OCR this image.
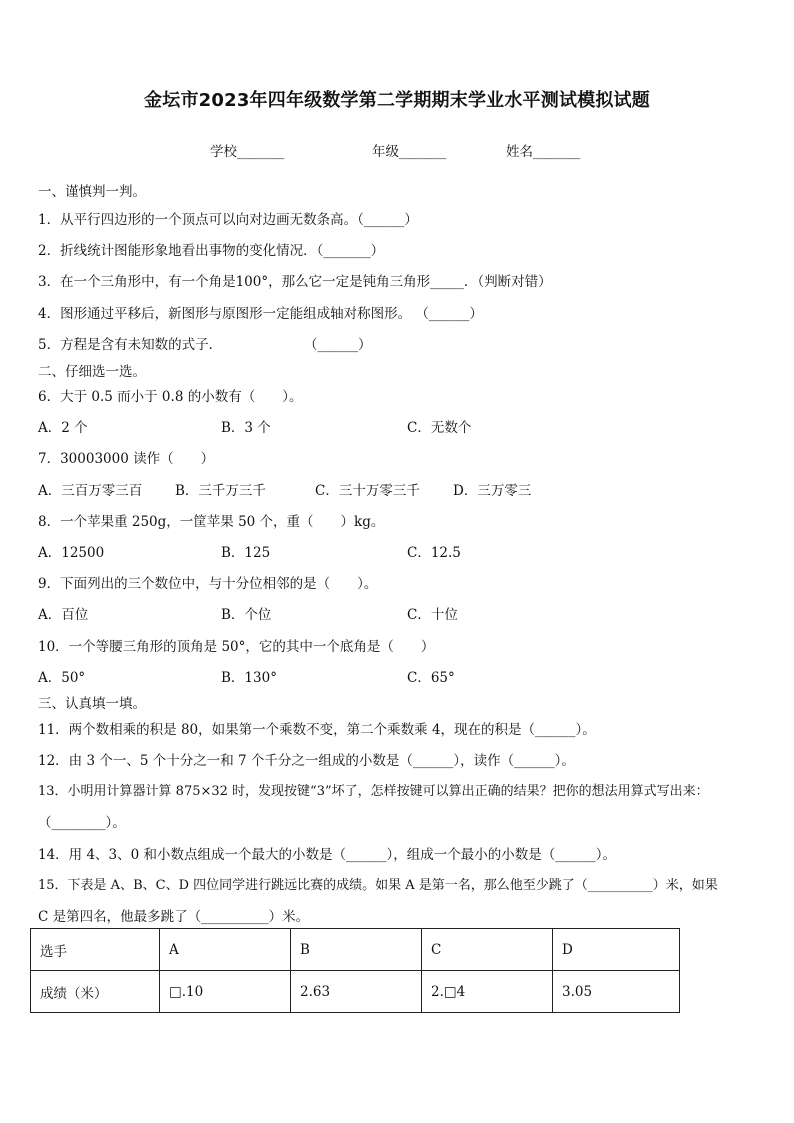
金坛市2023年四年级数学第二学期期末学业水平测试模拟试题
学校_______	年级_______	姓名_______
一、谨慎判一判。
1．从平行四边形的一个顶点可以向对边画无数条高。（______）
2．折线统计图能形象地看出事物的变化情况．（_______）
3．在一个三角形中，有一个角是100°，那么它一定是钝角三角形_____．（判断对错）
4．图形通过平移后，新图形与原图形一定能组成轴对称图形。 （______）
5．方程是含有未知数的式子．	（______）
二、仔细选一选。
6．大于 0.5 而小于 0.8 的小数有（　　）。
A．2 个	B．3 个	C．无数个
7．30003000 读作（　　）
A．三百万零三百 B．三千万三千	C．三十万零三千 D．三万零三
8．一个苹果重 250g，一筐苹果 50 个，重（　　）kg。
A．12500	B．125	C．12.5
9．下面列出的三个数位中，与十分位相邻的是（　　）。
A．百位	B．个位	C．十位
10．一个等腰三角形的顶角是 50°，它的其中一个底角是（　　）
A．50°	B．130°	C．65°
三、认真填一填。
11．两个数相乘的积是 80，如果第一个乘数不变，第二个乘数乘 4，现在的积是（______）。
12．由 3 个一、5 个十分之一和 7 个千分之一组成的小数是（______），读作（______）。
13．小明用计算器计算 875×32 时，发现按键“3”坏了，怎样按键可以算出正确的结果？把你的想法用算式写出来：
（________）。
14．用 4、3、0 和小数点组成一个最大的小数是（______），组成一个最小的小数是（______）。
15．下表是 A、B、C、D 四位同学进行跳远比赛的成绩。如果 A 是第一名，那么他至少跳了（__________）米，如果
C 是第四名，他最多跳了（__________）米。
选手	A	B	C	D
成绩（米）	□.10	2.63	2.□4	3.05
